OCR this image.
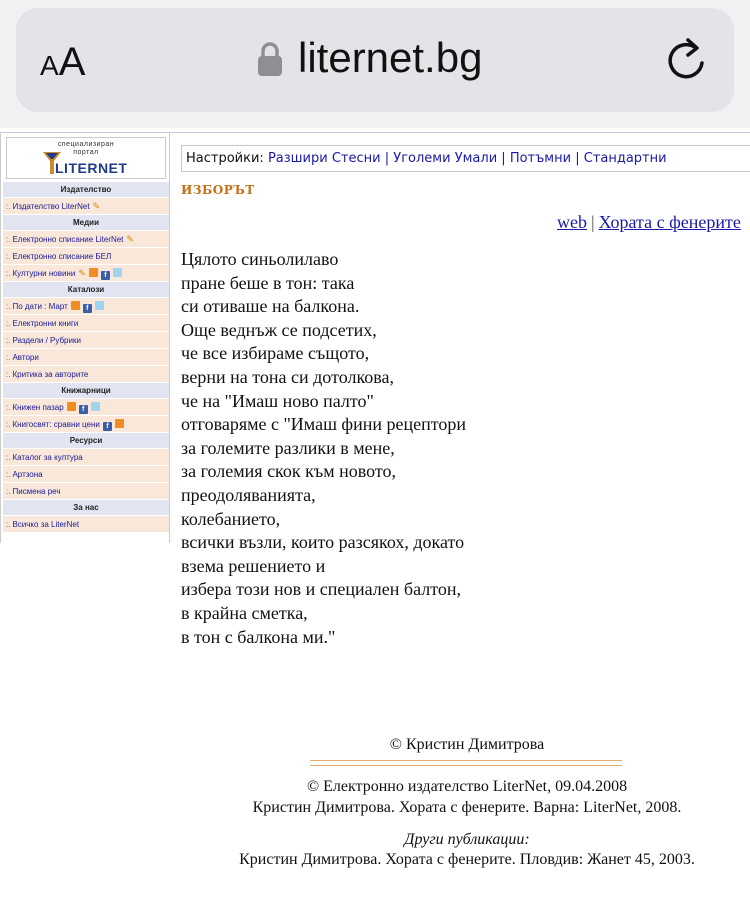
AA	liternet.bg
специализиран
портал
LITERNET
Издателство
:. Издателство LiterNet ✎
Медии
:. Електронно списание LiterNet ✎
:. Електронно списание БЕЛ
:. Културни новини ✎	f
Каталози
:. По дати : Март	f
:. Електронни книги
:. Раздели / Рубрики
:. Автори
:. Критика за авторите
Книжарници
:. Книжен пазар	f
:. Книгосвят: сравни цени f
Ресурси
:. Каталог за култура
:. Артзона
:. Писмена реч
За нас
:. Всичко за LiterNet
Настройки: Разшири Стесни | Уголеми Умали | Потъмни | Стандартни
ИЗБОРЪТ
web | Хората с фенерите
Цялото синьолилаво
пране беше в тон: така
си отиваше на балкона.
Още веднъж се подсетих,
че все избираме същото,
верни на тона си дотолкова,
че на "Имаш ново палто"
отговаряме с "Имаш фини рецептори
за големите разлики в мене,
за големия скок към новото,
преодоляванията,
колебанието,
всички възли, които разсякох, докато
взема решението и
избера този нов и специален балтон,
в крайна сметка,
в тон с балкона ми."
© Кристин Димитрова
© Електронно издателство LiterNet, 09.04.2008
Кристин Димитрова. Хората с фенерите. Варна: LiterNet, 2008.
Други публикации:
Кристин Димитрова. Хората с фенерите. Пловдив: Жанет 45, 2003.
